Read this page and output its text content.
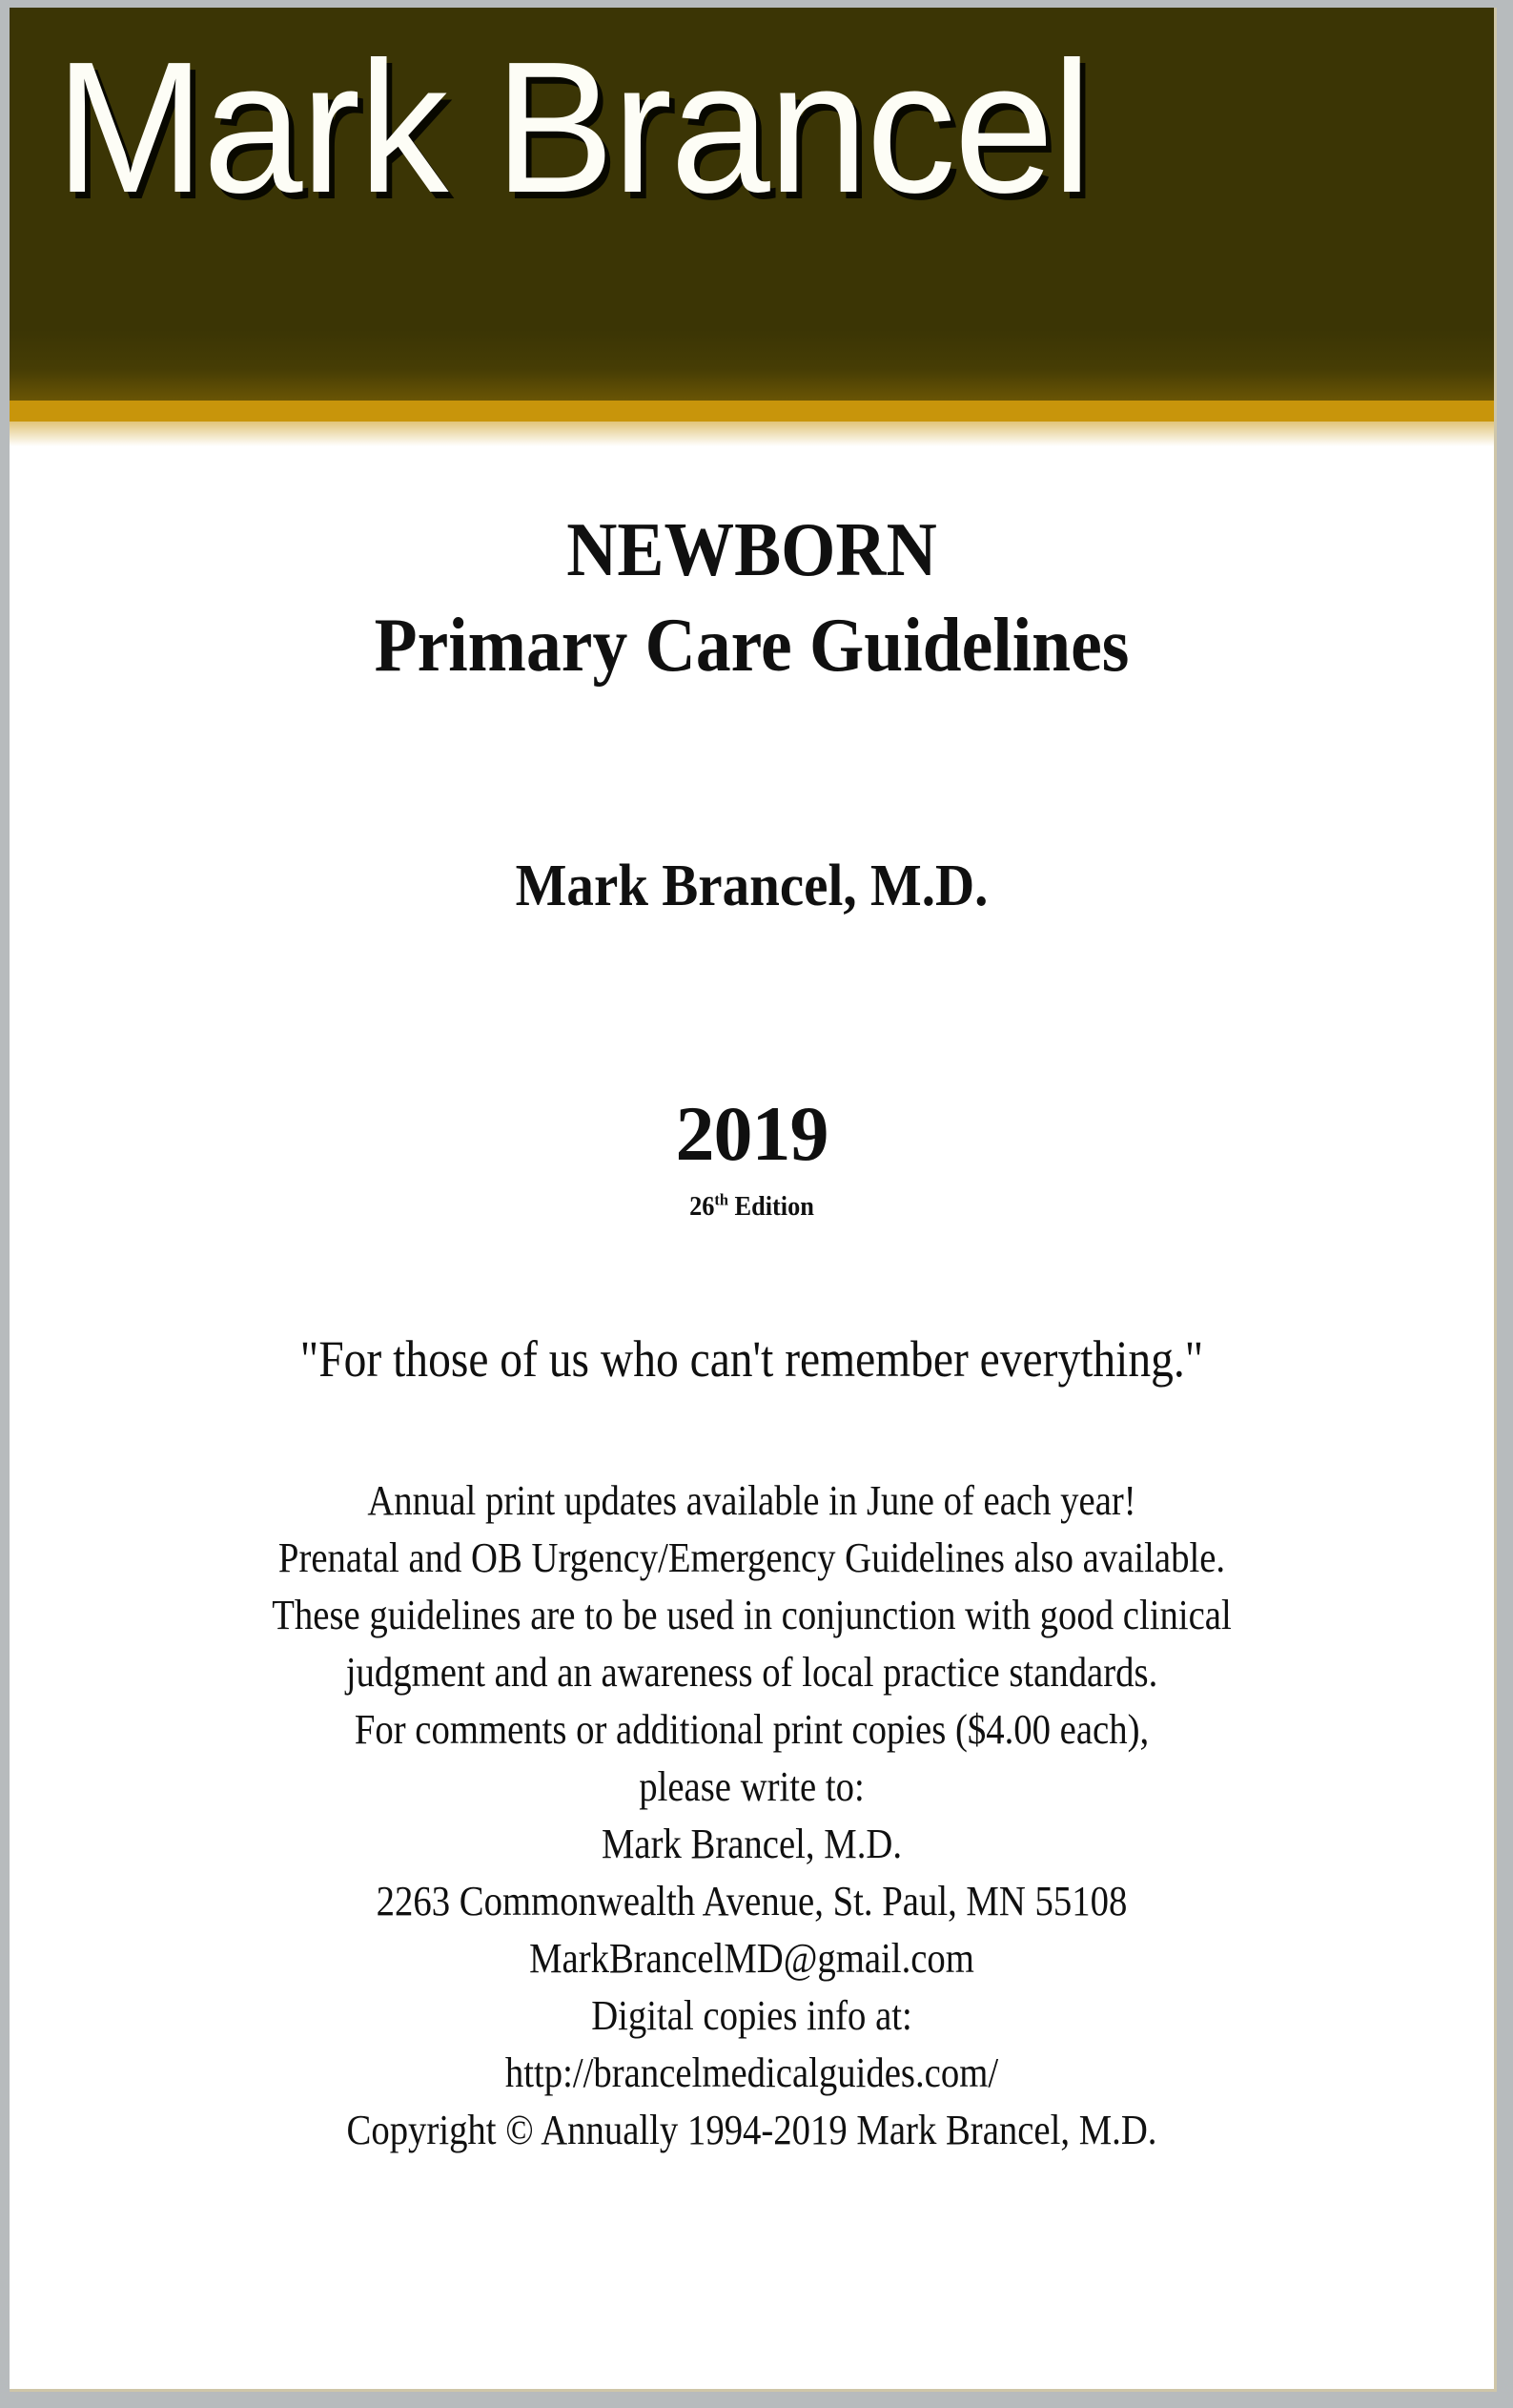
Mark Brancel
NEWBORN
Primary Care Guidelines
Mark Brancel, M.D.
2019
26th Edition
"For those of us who can't remember everything."
Annual print updates available in June of each year!
Prenatal and OB Urgency/Emergency Guidelines also available.
These guidelines are to be used in conjunction with good clinical
judgment and an awareness of local practice standards.
For comments or additional print copies ($4.00 each),
please write to:
Mark Brancel, M.D.
2263 Commonwealth Avenue, St. Paul, MN 55108
MarkBrancelMD@gmail.com
Digital copies info at:
http://brancelmedicalguides.com/
Copyright © Annually 1994-2019 Mark Brancel, M.D.
